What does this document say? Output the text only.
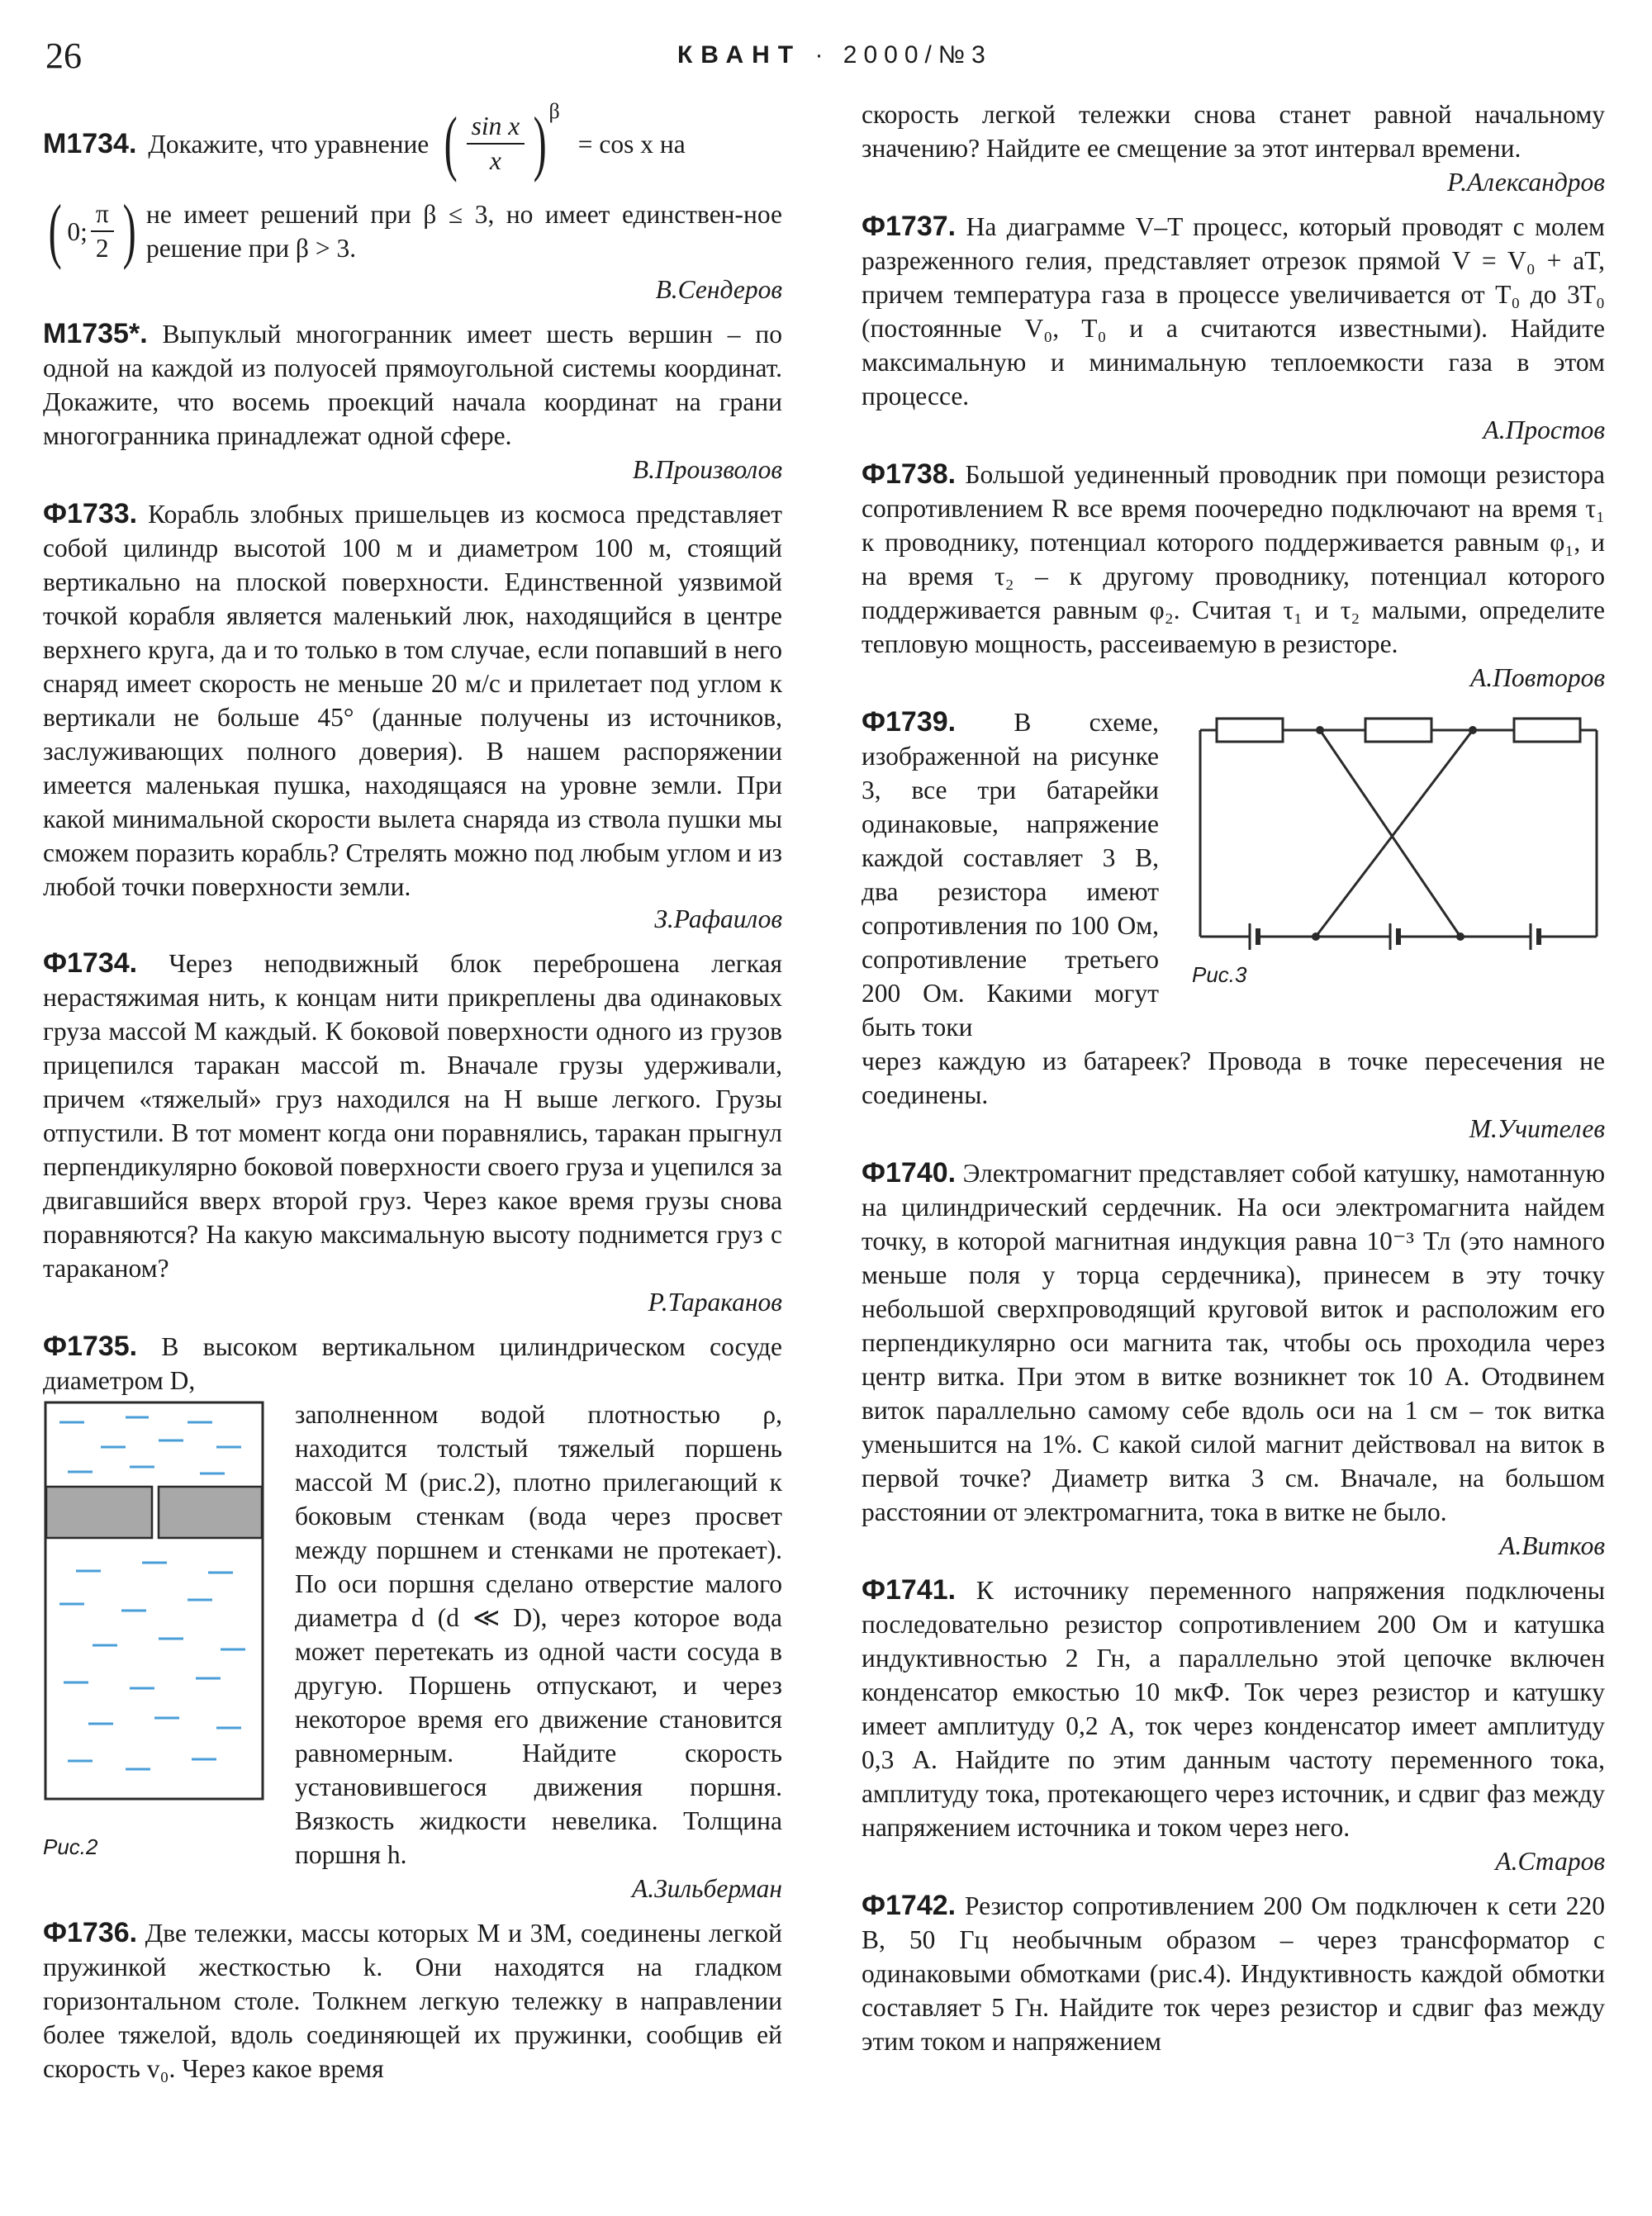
26	КВАНТ · 2000/№3
М1734. Докажите, что уравнение ( $\frac{\text{sin x}}{x}$ ) β
= cos x на
( 0; $\frac{\pi}{2}$ ) не имеет решений при β ≤ 3, но имеет единствен-ное решение при β > 3.

В.Сендеров

М1735*. Выпуклый многогранник имеет шесть вершин – по одной на каждой из полуосей прямоугольной системы координат. Докажите, что восемь проекций начала координат на грани многогранника принадлежат одной сфере.

В.Произволов

Ф1733. Корабль злобных пришельцев из космоса представляет собой цилиндр высотой 100 м и диаметром 100 м, стоящий вертикально на плоской поверхности. Единственной уязвимой точкой корабля является маленький люк, находящийся в центре верхнего круга, да и то только в том случае, если попавший в него снаряд имеет скорость не меньше 20 м/с и прилетает под углом к вертикали не больше 45° (данные получены из источников, заслуживающих полного доверия). В нашем распоряжении имеется маленькая пушка, находящаяся на уровне земли. При какой минимальной скорости вылета снаряда из ствола пушки мы сможем поразить корабль? Стрелять можно под любым углом и из любой точки поверхности земли.

З.Рафаилов

Ф1734. Через неподвижный блок переброшена легкая нерастяжимая нить, к концам нити прикреплены два одинаковых груза массой M каждый. К боковой поверхности одного из грузов прицепился таракан массой m. Вначале грузы удерживали, причем «тяжелый» груз находился на H выше легкого. Грузы отпустили. В тот момент когда они поравнялись, таракан прыгнул перпендикулярно боковой поверхности своего груза и уцепился за двигавшийся вверх второй груз. Через какое время грузы снова поравняются? На какую максимальную высоту поднимется груз с тараканом?

Р.Тараканов

Ф1735. В высоком вертикальном цилиндрическом сосуде диаметром D,

Рис.2

заполненном водой плотностью ρ, находится толстый тяжелый поршень массой M (рис.2), плотно прилегающий к боковым стенкам (вода через просвет между поршнем и стенками не протекает). По оси поршня сделано отверстие малого диаметра d (d ≪ D), через которое вода может перетекать из одной части сосуда в другую. Поршень отпускают, и через некоторое время его движение становится равномерным. Найдите скорость установившегося движения поршня. Вязкость жидкости невелика. Толщина поршня h.

А.Зильберман

Ф1736. Две тележки, массы которых M и 3M, соединены легкой пружинкой жесткостью k. Они находятся на гладком горизонтальном столе. Толкнем легкую тележку в направлении более тяжелой, вдоль соединяющей их пружинки, сообщив ей скорость v₀. Через какое время

скорость легкой тележки снова станет равной начальному значению? Найдите ее смещение за этот интервал времени.

Р.Александров

Ф1737. На диаграмме V–T процесс, который проводят с молем разреженного гелия, представляет отрезок прямой V = V₀ + aT, причем температура газа в процессе увеличивается от T₀ до 3T₀ (постоянные V₀, T₀ и a считаются известными). Найдите максимальную и минимальную теплоемкости газа в этом процессе.

А.Простов

Ф1738. Большой уединенный проводник при помощи резистора сопротивлением R все время поочередно подключают на время τ₁ к проводнику, потенциал которого поддерживается равным φ₁, и на время τ₂ – к другому проводнику, потенциал которого поддерживается равным φ₂. Считая τ₁ и τ₂ малыми, определите тепловую мощность, рассеиваемую в резисторе.

А.Повторов

Ф1739. В схеме, изображенной на рисунке 3, все три батарейки одинаковые, напряжение каждой составляет 3 В, два резистора имеют сопротивления по 100 Ом, сопротивление третьего 200 Ом. Какими могут быть токи

Рис.3

через каждую из батареек? Провода в точке пересечения не соединены.

М.Учителев

Ф1740. Электромагнит представляет собой катушку, намотанную на цилиндрический сердечник. На оси электромагнита найдем точку, в которой магнитная индукция равна 10⁻³ Тл (это намного меньше поля у торца сердечника), принесем в эту точку небольшой сверхпроводящий круговой виток и расположим его перпендикулярно оси магнита так, чтобы ось проходила через центр витка. При этом в витке возникнет ток 10 А. Отодвинем виток параллельно самому себе вдоль оси на 1 см – ток витка уменьшится на 1%. С какой силой магнит действовал на виток в первой точке? Диаметр витка 3 см. Вначале, на большом расстоянии от электромагнита, тока в витке не было.

А.Витков

Ф1741. К источнику переменного напряжения подключены последовательно резистор сопротивлением 200 Ом и катушка индуктивностью 2 Гн, а параллельно этой цепочке включен конденсатор емкостью 10 мкФ. Ток через резистор и катушку имеет амплитуду 0,2 А, ток через конденсатор имеет амплитуду 0,3 А. Найдите по этим данным частоту переменного тока, амплитуду тока, протекающего через источник, и сдвиг фаз между напряжением источника и током через него.

А.Старов

Ф1742. Резистор сопротивлением 200 Ом подключен к сети 220 В, 50 Гц необычным образом – через трансформатор с одинаковыми обмотками (рис.4). Индуктивность каждой обмотки составляет 5 Гн. Найдите ток через резистор и сдвиг фаз между этим током и напряжением
